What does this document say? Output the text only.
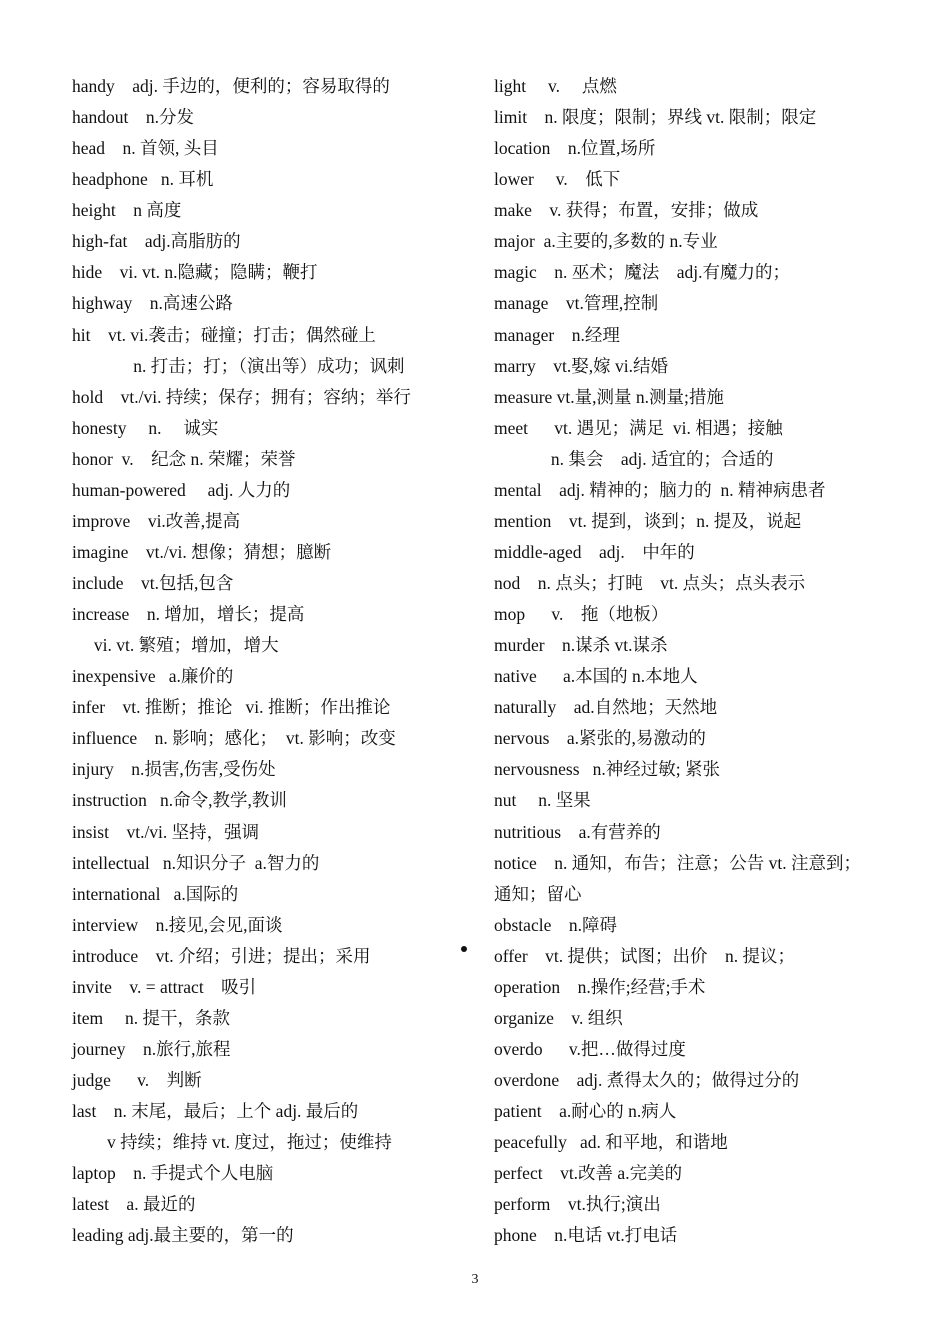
handy    adj. 手边的，便利的；容易取得的
handout    n.分发
head    n. 首领, 头目
headphone   n. 耳机
height    n 高度
high-fat    adj.高脂肪的
hide    vi. vt. n.隐藏；隐瞒；鞭打
highway    n.高速公路
hit    vt. vi.袭击；碰撞；打击；偶然碰上
n. 打击；打；（演出等）成功；讽刺
hold    vt./vi. 持续；保存；拥有；容纳；举行
honesty     n.     诚实
honor  v.    纪念 n. 荣耀；荣誉
human-powered     adj. 人力的
improve    vi.改善,提高
imagine    vt./vi. 想像；猜想；臆断
include    vt.包括,包含
increase    n. 增加，增长；提高
vi. vt. 繁殖；增加，增大
inexpensive   a.廉价的
infer    vt. 推断；推论   vi. 推断；作出推论
influence    n. 影响；感化；  vt. 影响；改变
injury    n.损害,伤害,受伤处
instruction   n.命令,教学,教训
insist    vt./vi. 坚持，强调
intellectual   n.知识分子  a.智力的
international   a.国际的
interview    n.接见,会见,面谈
introduce    vt. 介绍；引进；提出；采用
invite    v. = attract    吸引
item     n. 提干，条款
journey    n.旅行,旅程
judge      v.    判断
last    n. 末尾，最后；上个 adj. 最后的
v 持续；维持 vt. 度过，拖过；使维持
laptop    n. 手提式个人电脑
latest    a. 最近的
leading adj.最主要的，第一的
light     v.     点燃
limit    n. 限度；限制；界线 vt. 限制；限定
location    n.位置,场所
lower     v.    低下
make    v. 获得；布置，安排；做成
major  a.主要的,多数的 n.专业
magic    n. 巫术；魔法    adj.有魔力的；
manage    vt.管理,控制
manager    n.经理
marry    vt.娶,嫁 vi.结婚
measure vt.量,测量 n.测量;措施
meet      vt. 遇见；满足  vi. 相遇；接触
n. 集会    adj. 适宜的；合适的
mental    adj. 精神的；脑力的  n. 精神病患者
mention    vt. 提到，谈到；n. 提及，说起
middle-aged    adj.    中年的
nod    n. 点头；打盹    vt. 点头；点头表示
mop      v.    拖（地板）
murder    n.谋杀 vt.谋杀
native      a.本国的 n.本地人
naturally    ad.自然地；天然地
nervous    a.紧张的,易激动的
nervousness   n.神经过敏; 紧张
nut     n. 坚果
nutritious    a.有营养的
notice    n. 通知，布告；注意；公告 vt. 注意到；
通知；留心
obstacle    n.障碍
offer    vt. 提供；试图；出价    n. 提议；
operation    n.操作;经营;手术
organize    v. 组织
overdo      v.把…做得过度
overdone    adj. 煮得太久的；做得过分的
patient    a.耐心的 n.病人
peacefully   ad. 和平地，和谐地
perfect    vt.改善 a.完美的
perform    vt.执行;演出
phone    n.电话 vt.打电话
3
